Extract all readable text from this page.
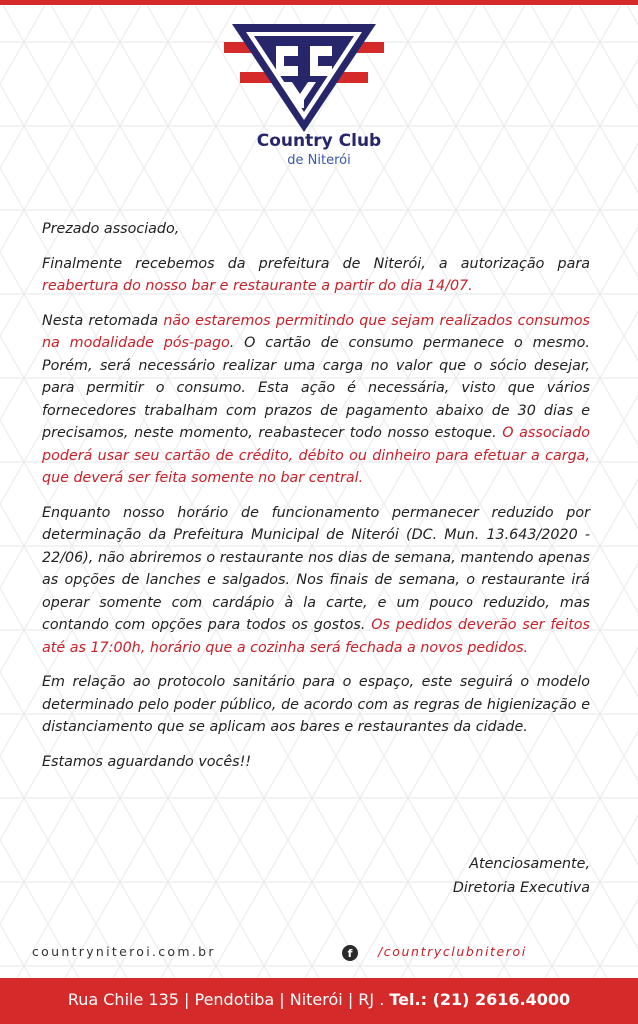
Country Club
de Niterói

Prezado associado,

Finalmente recebemos da prefeitura de Niterói, a autorização para reabertura do nosso bar e restaurante a partir do dia 14/07.

Nesta retomada não estaremos permitindo que sejam realizados consumos na modalidade pós-pago. O cartão de consumo permanece o mesmo. Porém, será necessário realizar uma carga no valor que o sócio desejar, para permitir o consumo. Esta ação é necessária, visto que vários fornecedores trabalham com prazos de pagamento abaixo de 30 dias e precisamos, neste momento, reabastecer todo nosso estoque. O associado poderá usar seu cartão de crédito, débito ou dinheiro para efetuar a carga, que deverá ser feita somente no bar central.

Enquanto nosso horário de funcionamento permanecer reduzido por determinação da Prefeitura Municipal de Niterói (DC. Mun. 13.643/2020 - 22/06), não abriremos o restaurante nos dias de semana, mantendo apenas as opções de lanches e salgados. Nos finais de semana, o restaurante irá operar somente com cardápio à la carte, e um pouco reduzido, mas contando com opções para todos os gostos. Os pedidos deverão ser feitos até as 17:00h, horário que a cozinha será fechada a novos pedidos.

Em relação ao protocolo sanitário para o espaço, este seguirá o modelo determinado pelo poder público, de acordo com as regras de higienização e distanciamento que se aplicam aos bares e restaurantes da cidade.

Estamos aguardando vocês!!

Atenciosamente,
Diretoria Executiva
countryniteroi.com.br	f	/countryclubniteroi
Rua Chile 135 | Pendotiba | Niterói | RJ . Tel.: (21) 2616.4000
